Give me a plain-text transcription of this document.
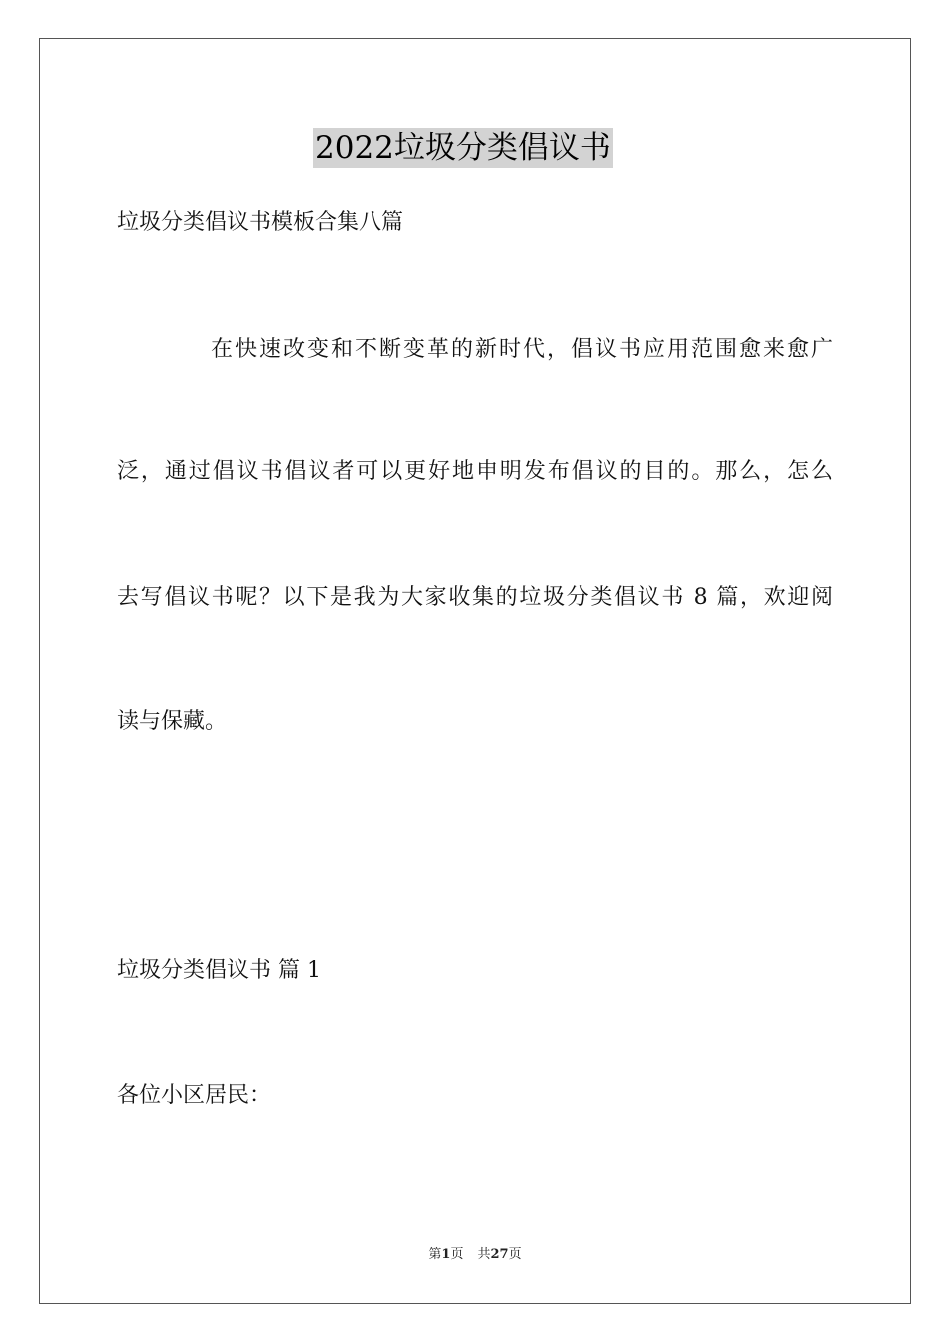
2022垃圾分类倡议书
垃圾分类倡议书模板合集八篇
在快速改变和不断变革的新时代，倡议书应用范围愈来愈广
泛，通过倡议书倡议者可以更好地申明发布倡议的目的。那么，怎么
去写倡议书呢？以下是我为大家收集的垃圾分类倡议书 8 篇，欢迎阅
读与保藏。
垃圾分类倡议书 篇 1
各位小区居民：
第1页 共27页
